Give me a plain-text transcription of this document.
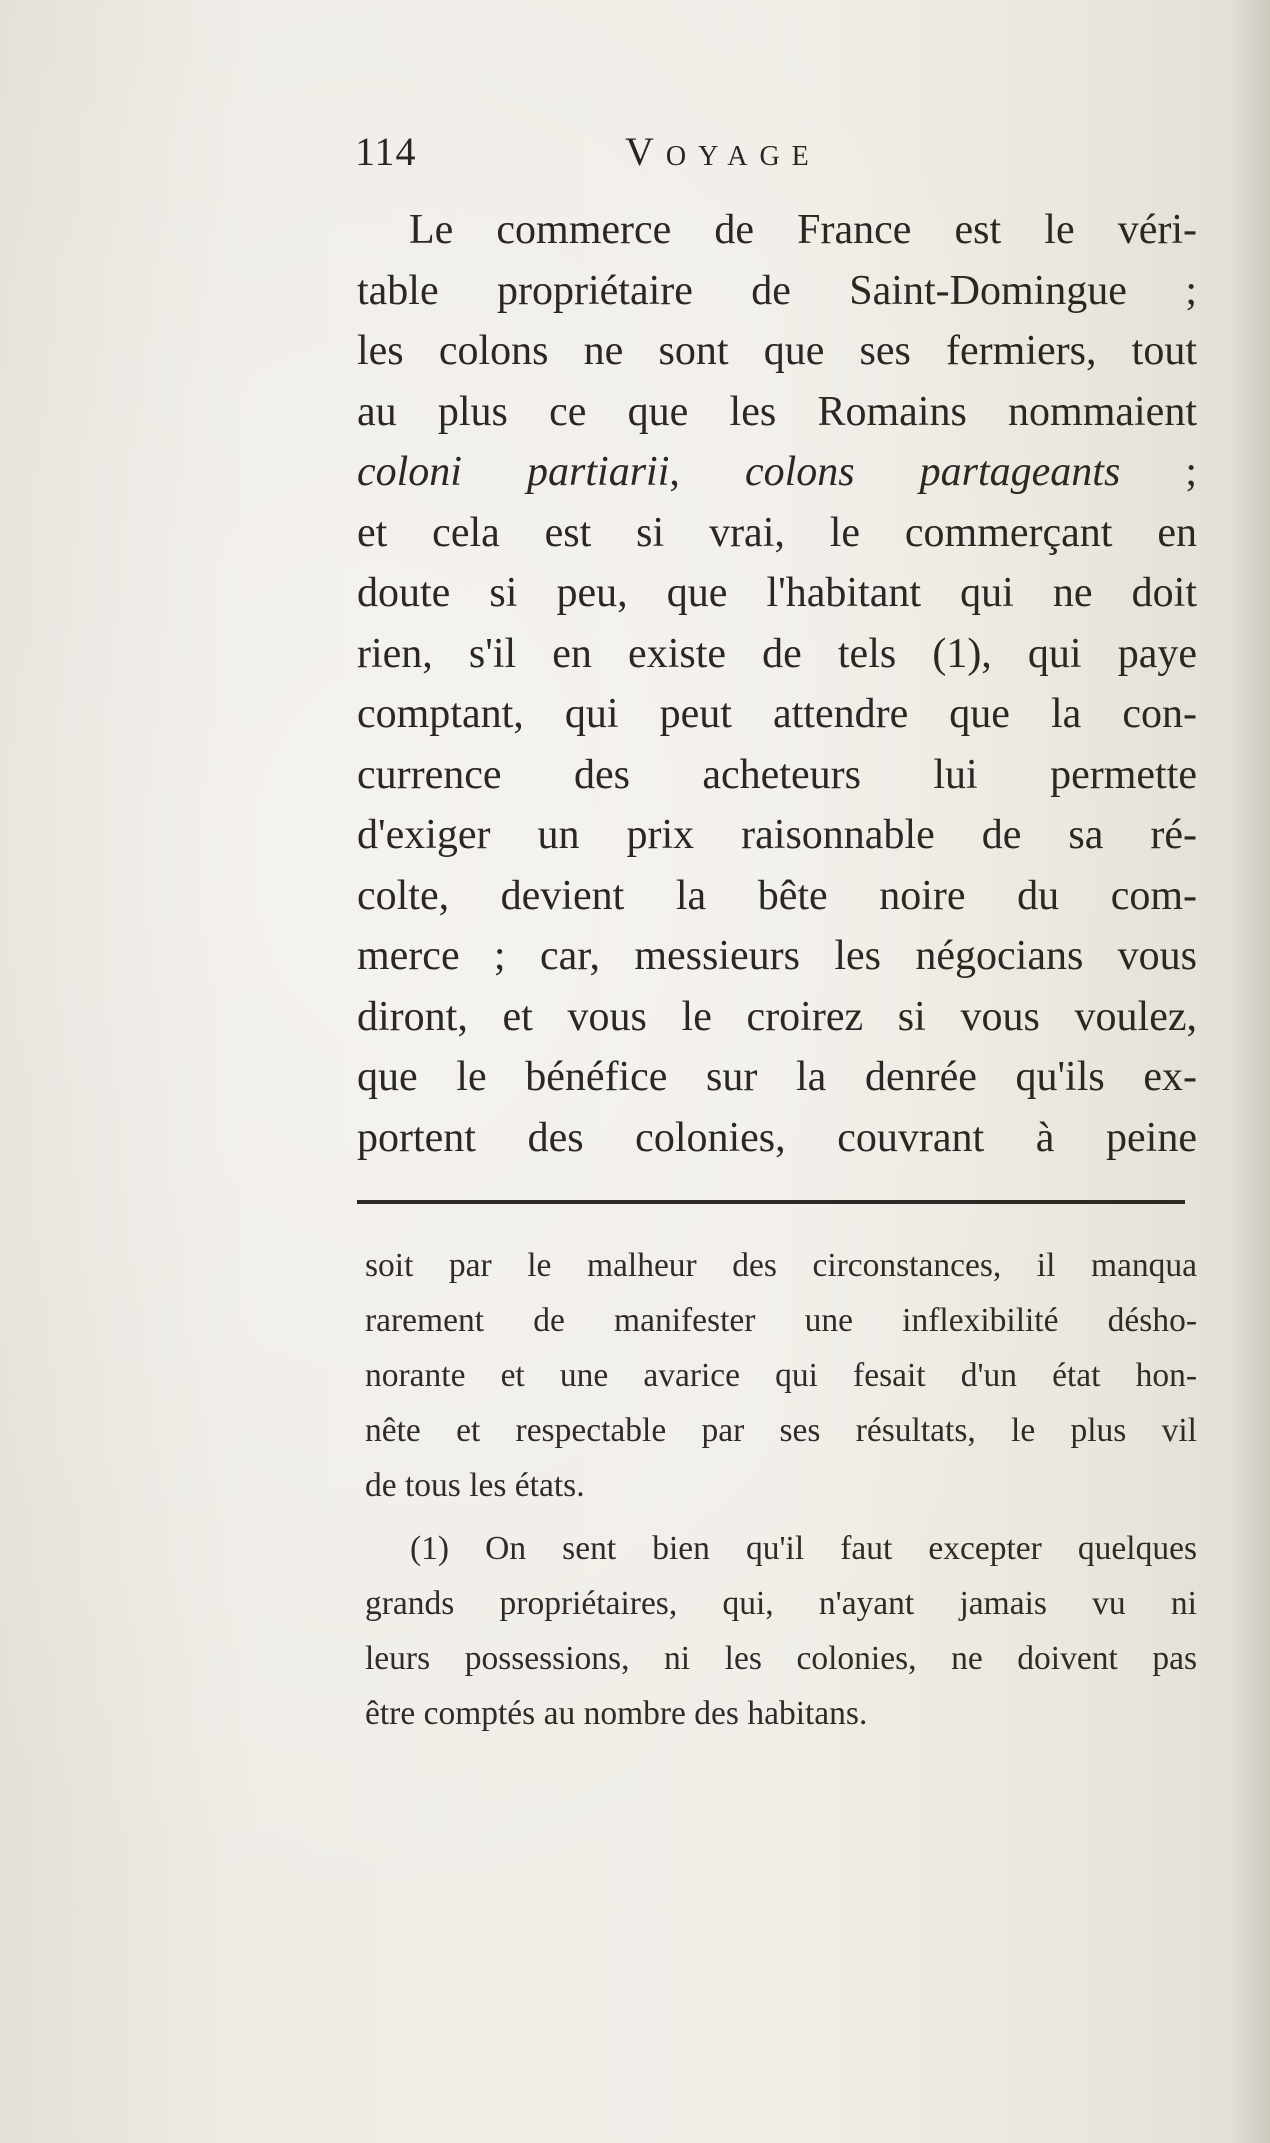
114	Voyage
Le commerce de France est le véri-
table propriétaire de Saint-Domingue ;
les colons ne sont que ses fermiers, tout
au plus ce que les Romains nommaient
coloni partiarii, colons partageants ;
et cela est si vrai, le commerçant en
doute si peu, que l'habitant qui ne doit
rien, s'il en existe de tels (1), qui paye
comptant, qui peut attendre que la con-
currence des acheteurs lui permette
d'exiger un prix raisonnable de sa ré-
colte, devient la bête noire du com-
merce ; car, messieurs les négocians vous
diront, et vous le croirez si vous voulez,
que le bénéfice sur la denrée qu'ils ex-
portent des colonies, couvrant à peine
soit par le malheur des circonstances, il manqua
rarement de manifester une inflexibilité désho-
norante et une avarice qui fesait d'un état hon-
nête et respectable par ses résultats, le plus vil
de tous les états.
(1) On sent bien qu'il faut excepter quelques
grands propriétaires, qui, n'ayant jamais vu ni
leurs possessions, ni les colonies, ne doivent pas
être comptés au nombre des habitans.
